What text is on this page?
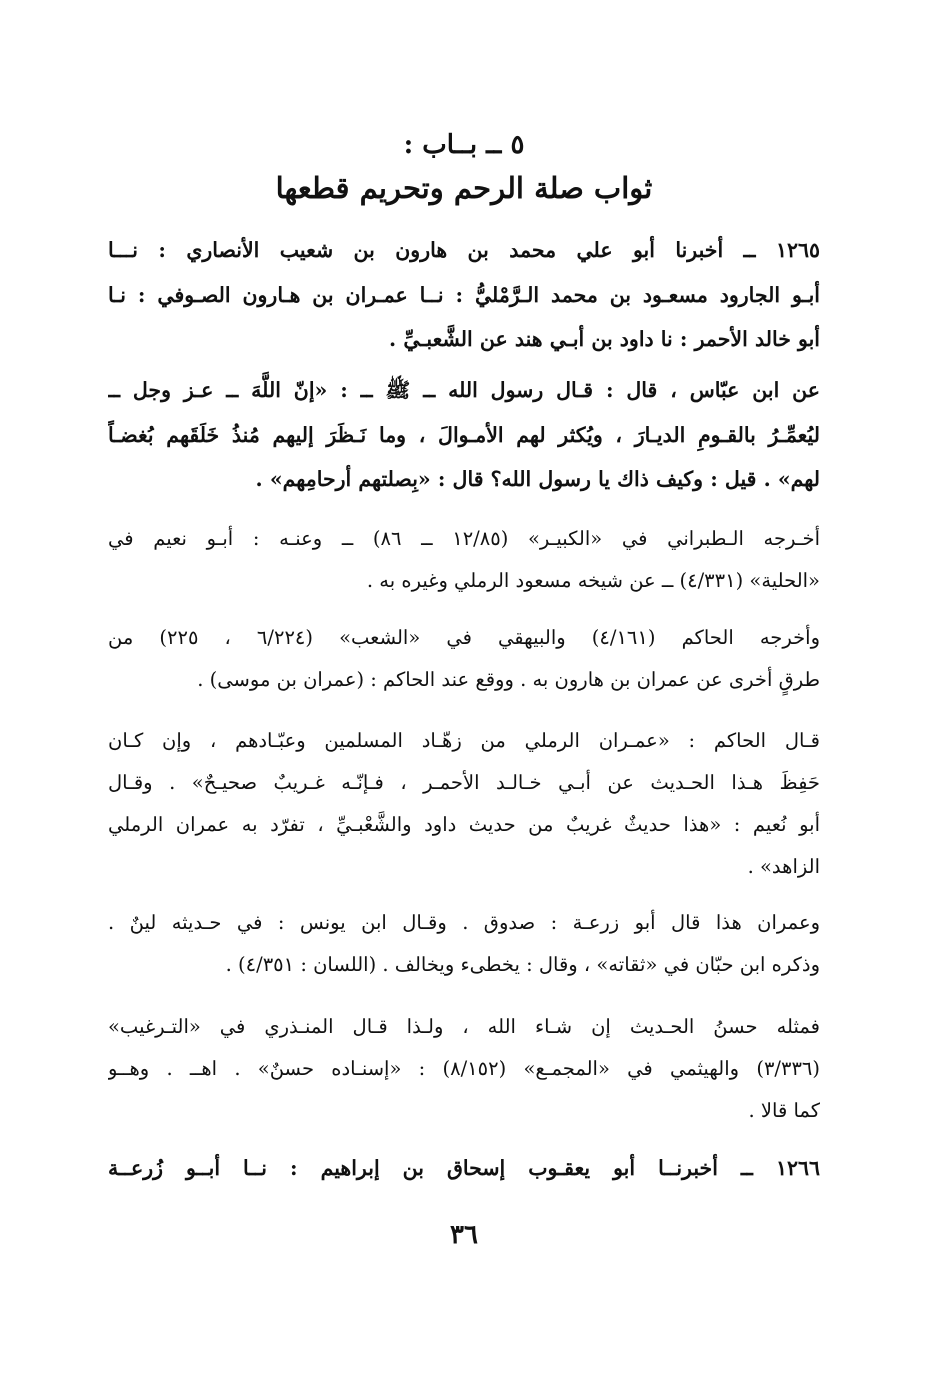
٥ ــ بــاب :
ثواب صلة الرحم وتحريم قطعها
١٢٦٥ ــ أخبرنا أبو علي محمد بن هارون بن شعيب الأنصاري : نـــا
أبـو الجارود مسعـود بن محمد الـرَّمْليُّ : نــا عمـران بن هـارون الصـوفي : نـا
أبو خالد الأحمر : نا داود بن أبـي هند عن الشَّعبـيِّ .
عن ابن عبّاس ، قال : قـال رسول الله ــ ﷺ ــ : «إنّ اللَّهَ ــ عـز وجل ــ
ليُعمِّـرُ بالقـومِ الديـارَ ، ويُكثر لهم الأمـوالَ ، وما نَـظَرَ إليهم مُنذُ خَلَقَهم بُغضـاً
لهم» . قيل : وكيف ذاك يا رسول الله؟ قال : «بِصلتهم أرحامِهم» .
أخـرجه الـطبراني في «الكبيـر» (١٢/٨٥ ــ ٨٦) ــ وعنـه : أبـو نعيم في
«الحلية» (٤/٣٣١) ــ عن شيخه مسعود الرملي وغيره به .
وأخرجه الحاكم (٤/١٦١) والبيهقي في «الشعب» (٦/٢٢٤ ، ٢٢٥) من
طرقٍ أخرى عن عمران بن هارون به . ووقع عند الحاكم : (عمران بن موسى) .
قـال الحاكم : «عمـران الرملي من زهّـاد المسلمين وعبّـادهم ، وإن كـان
حَفِظَ هـذا الحـديث عن أبـي خـالـد الأحمـر ، فـإنّـه غـريبٌ صحيـحٌ» . وقـال
أبو نُعيم : «هذا حديثٌ غريبٌ من حديث داود والشَّعْبـيِّ ، تفرّد به عمران الرملي
الزاهد» .
وعمران هذا قال أبو زرعـة : صدوق . وقـال ابن يونس : في حـديثه لينٌ .
وذكره ابن حبّان في «ثقاته» ، وقال : يخطىء ويخالف . (اللسان : ٤/٣٥١) .
فمثله حسنُ الحـديث إن شـاء الله ، ولـذا قـال المنـذري في «التـرغيب»
(٣/٣٣٦) والهيثمي في «المجمـع» (٨/١٥٢) : «إسنـاده حسنٌ» . اهــ . وهــو
كما قالا .
١٢٦٦ ــ أخبرنــا أبو يعقـوب إسحاق بن إبراهيم : نــا أبــو زُرعــة
٣٦
